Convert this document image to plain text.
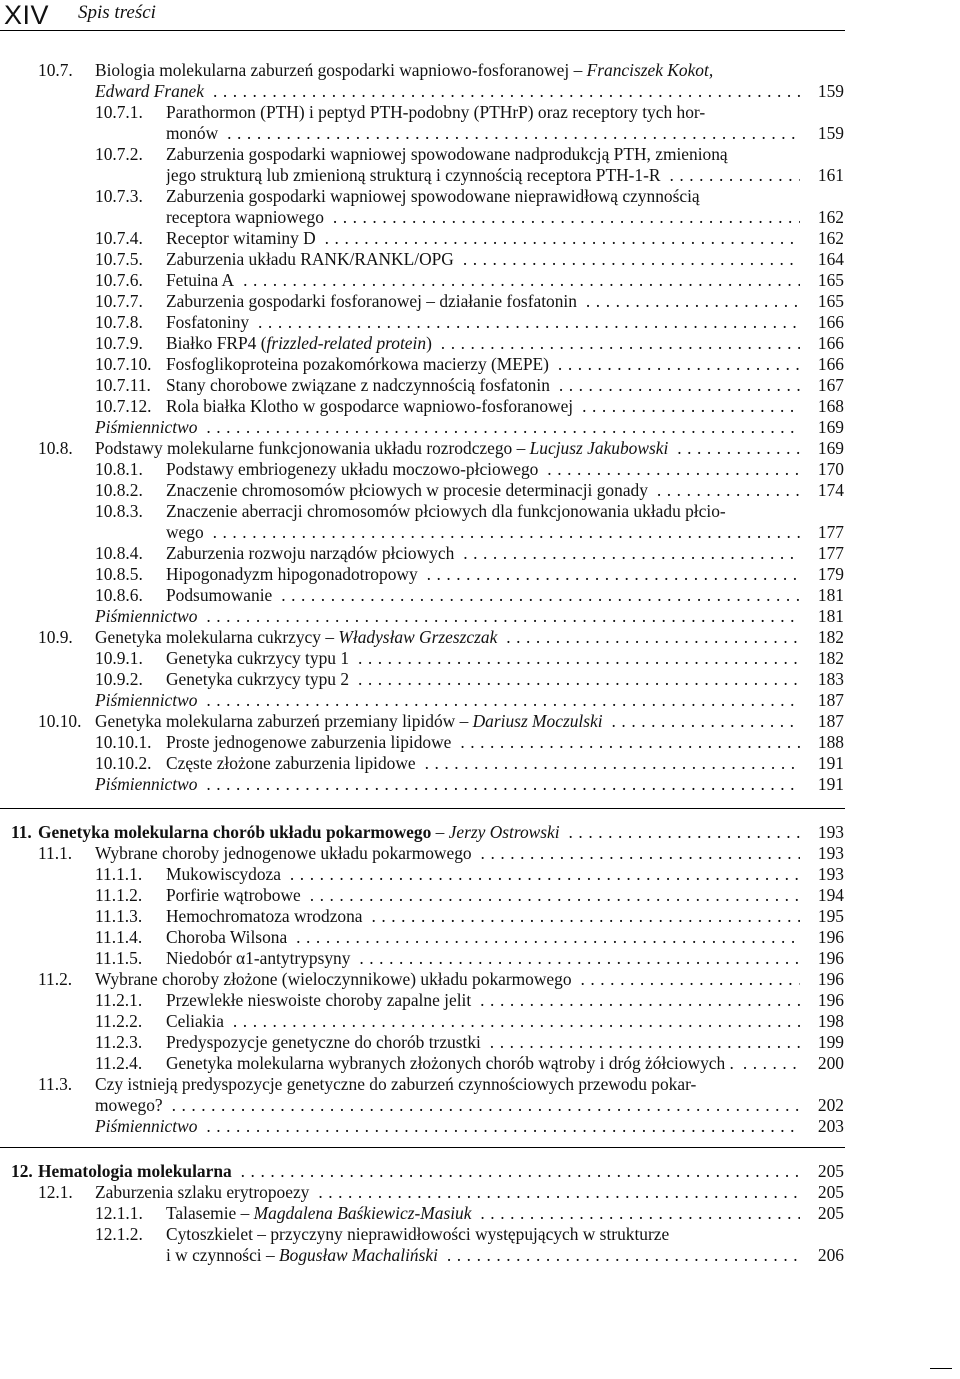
XIV Spis treści
10.7. Biologia molekularna zaburzeń gospodarki wapniowo-fosforanowej – Franciszek Kokot,
Edward Franek . . .	159
10.7.1. Parathormon (PTH) i peptyd PTH-podobny (PTHrP) oraz receptory tych hor-
monów . . .	159
10.7.2. Zaburzenia gospodarki wapniowej spowodowane nadprodukcją PTH, zmienioną
jego strukturą lub zmienioną strukturą i czynnością receptora PTH-1-R . . .	161
10.7.3. Zaburzenia gospodarki wapniowej spowodowane nieprawidłową czynnością
receptora wapniowego . . .	162
10.7.4. Receptor witaminy D . . .	162
10.7.5. Zaburzenia układu RANK/RANKL/OPG . . .	164
10.7.6. Fetuina A . . .	165
10.7.7. Zaburzenia gospodarki fosforanowej – działanie fosfatonin . . .	165
10.7.8. Fosfatoniny . . .	166
10.7.9. Białko FRP4 (frizzled-related protein) . . .	166
10.7.10. Fosfoglikoproteina pozakomórkowa macierzy (MEPE) . . .	166
10.7.11. Stany chorobowe związane z nadczynnością fosfatonin . . .	167
10.7.12. Rola białka Klotho w gospodarce wapniowo-fosforanowej . . .	168
Piśmiennictwo . . .	169
10.8. Podstawy molekularne funkcjonowania układu rozrodczego – Lucjusz Jakubowski . . .	169
10.8.1. Podstawy embriogenezy układu moczowo-płciowego . . .	170
10.8.2. Znaczenie chromosomów płciowych w procesie determinacji gonady . . .	174
10.8.3. Znaczenie aberracji chromosomów płciowych dla funkcjonowania układu płcio-
wego . . .	177
10.8.4. Zaburzenia rozwoju narządów płciowych . . .	177
10.8.5. Hipogonadyzm hipogonadotropowy . . .	179
10.8.6. Podsumowanie . . .	181
Piśmiennictwo . . .	181
10.9. Genetyka molekularna cukrzycy – Władysław Grzeszczak . . .	182
10.9.1. Genetyka cukrzycy typu 1 . . .	182
10.9.2. Genetyka cukrzycy typu 2 . . .	183
Piśmiennictwo . . .	187
10.10. Genetyka molekularna zaburzeń przemiany lipidów – Dariusz Moczulski . . .	187
10.10.1. Proste jednogenowe zaburzenia lipidowe . . .	188
10.10.2. Częste złożone zaburzenia lipidowe . . .	191
Piśmiennictwo . . .	191
11. Genetyka molekularna chorób układu pokarmowego – Jerzy Ostrowski . . .	193
11.1. Wybrane choroby jednogenowe układu pokarmowego . . .	193
11.1.1. Mukowiscydoza . . .	193
11.1.2. Porfirie wątrobowe . . .	194
11.1.3. Hemochromatoza wrodzona . . .	195
11.1.4. Choroba Wilsona . . .	196
11.1.5. Niedobór α1-antytrypsyny . . .	196
11.2. Wybrane choroby złożone (wieloczynnikowe) układu pokarmowego . . .	196
11.2.1. Przewlekłe nieswoiste choroby zapalne jelit . . .	196
11.2.2. Celiakia . . .	198
11.2.3. Predyspozycje genetyczne do chorób trzustki . . .	199
11.2.4. Genetyka molekularna wybranych złożonych chorób wątroby i dróg żółciowych . . . .	200
11.3. Czy istnieją predyspozycje genetyczne do zaburzeń czynnościowych przewodu pokar-
mowego? . . .	202
Piśmiennictwo . . .	203
12. Hematologia molekularna . . .	205
12.1. Zaburzenia szlaku erytropoezy . . .	205
12.1.1. Talasemie – Magdalena Baśkiewicz-Masiuk . . .	205
12.1.2. Cytoszkielet – przyczyny nieprawidłowości występujących w strukturze
i w czynności – Bogusław Machaliński . . .	206
